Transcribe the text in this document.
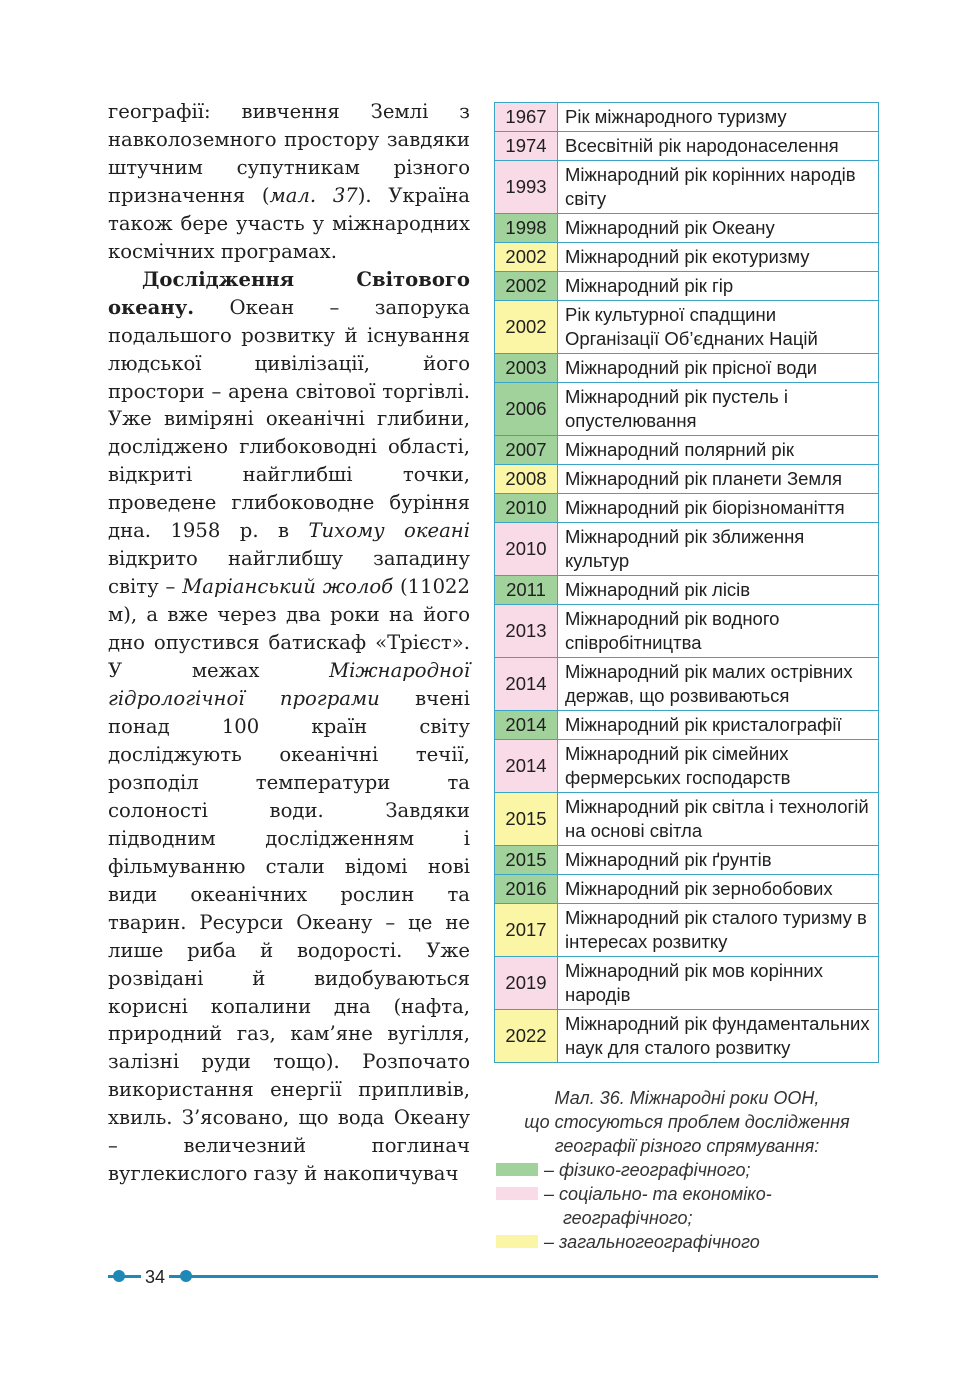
географії: вивчення Землі з навколоземного простору завдяки штучним супутникам різного призначення (мал. 37). Україна також бере участь у міжнародних космічних програмах.

Дослідження Світового океану. Океан – запорука подальшого розвитку й існування людської цивілізації, його простори – арена світової торгівлі. Уже виміряні океанічні глибини, досліджено глибоководні області, відкриті найглибші точки, проведене глибоководне буріння дна. 1958 р. в Тихому океані відкрито найглибшу западину світу – Маріанський жолоб (11022 м), а вже через два роки на його дно опустився батискаф «Трієст». У межах Міжнародної гідрологічної програми вчені понад 100 країн світу досліджують океанічні течії, розподіл температури та солоності води. Завдяки підводним дослідженням і фільмуванню стали відомі нові види океанічних рослин та тварин. Ресурси Океану – це не лише риба й водорості. Уже розвідані й видобуваються корисні копалини дна (нафта, природний газ, кам’яне вугілля, залізні руди тощо). Розпочато використання енергії припливів, хвиль. З’ясовано, що вода Океану – величезний поглинач вуглекислого газу й накопичувач

1967	Рік міжнародного туризму
1974	Всесвітній рік народонаселення
1993	Міжнародний рік корінних народів світу
1998	Міжнародний рік Океану
2002	Міжнародний рік екотуризму
2002	Міжнародний рік гір
2002	Рік культурної спадщини Організації Об’єднаних Націй
2003	Міжнародний рік прісної води
2006	Міжнародний рік пустель і опустелювання
2007	Міжнародний полярний рік
2008	Міжнародний рік планети Земля
2010	Міжнародний рік біорізноманіття
2010	Міжнародний рік зближення культур
2011	Міжнародний рік лісів
2013	Міжнародний рік водного співробітництва
2014	Міжнародний рік малих острівних держав, що розвиваються
2014	Міжнародний рік кристалографії
2014	Міжнародний рік сімейних фермерських господарств
2015	Міжнародний рік світла і технологій на основі світла
2015	Міжнародний рік ґрунтів
2016	Міжнародний рік зернобобових
2017	Міжнародний рік сталого туризму в інтересах розвитку
2019	Міжнародний рік мов корінних народів
2022	Міжнародний рік фундаментальних наук для сталого розвитку
Мал. 36. Міжнародні роки ООН,
що стосуються проблем дослідження
географії різного спрямування:
– фізико-географічного;
– соціально- та економіко-
географічного;
– загальногеографічного
34
